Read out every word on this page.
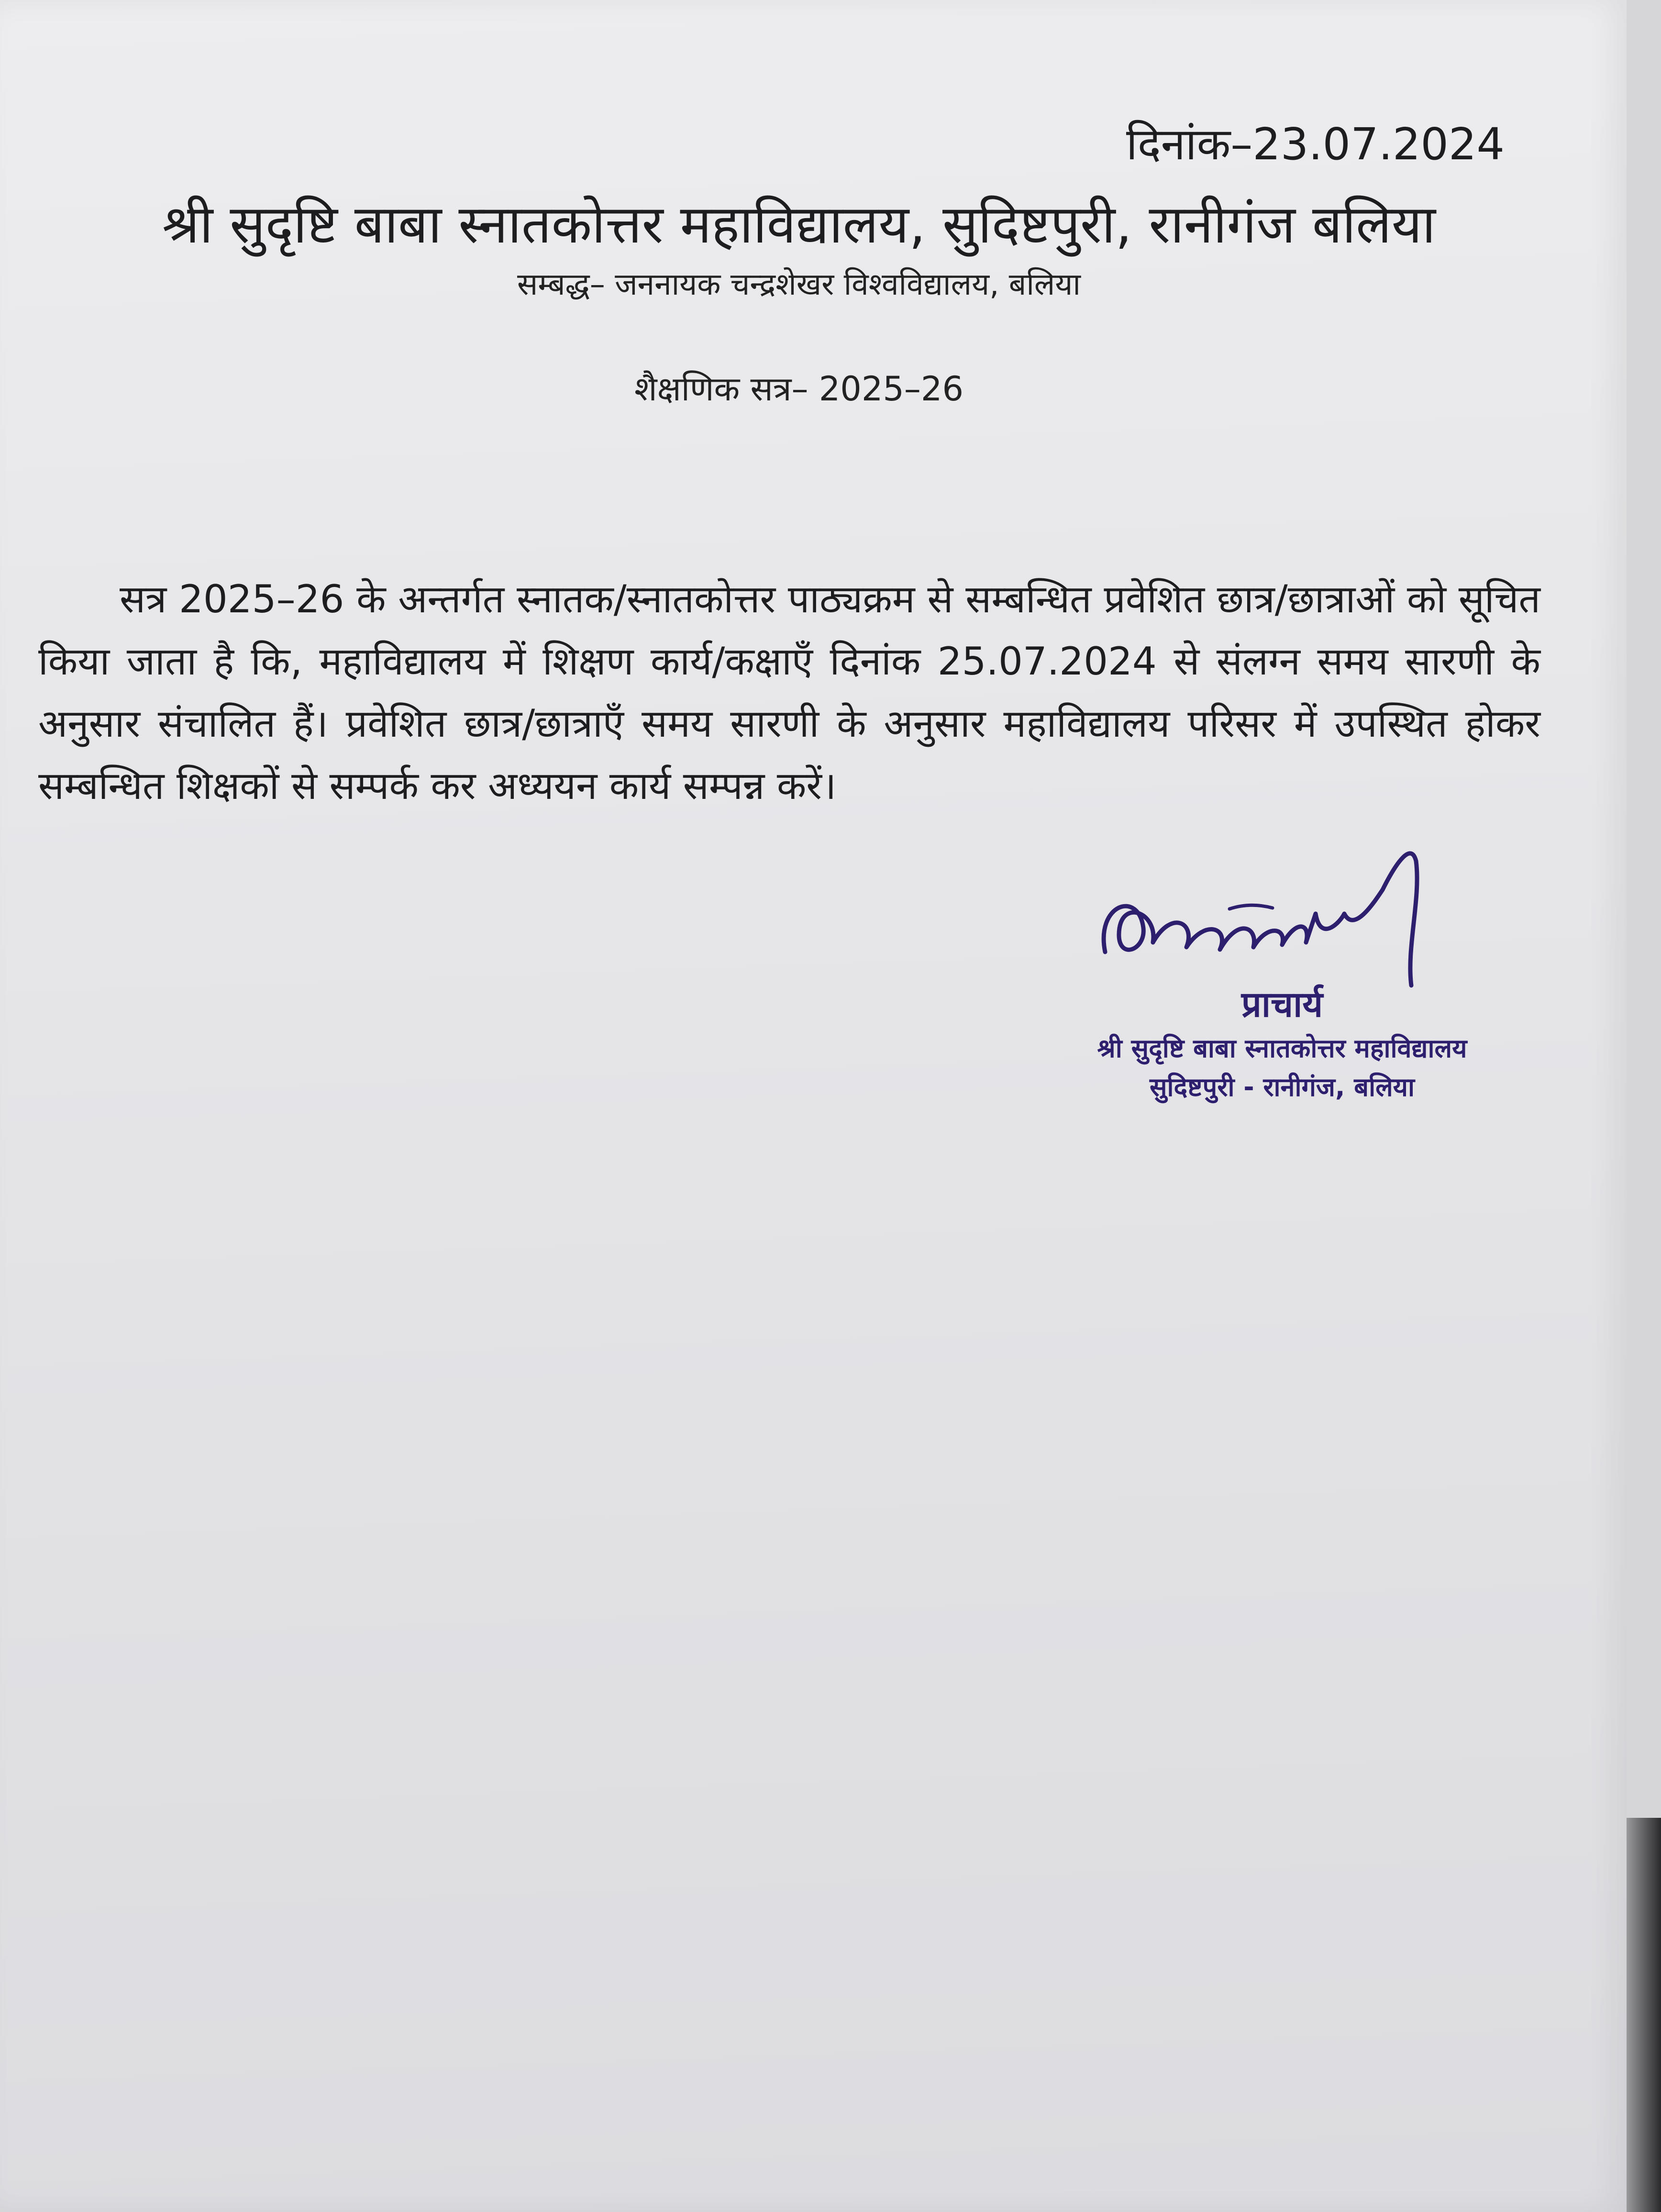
दिनांक–23.07.2024
श्री सुदृष्टि बाबा स्नातकोत्तर महाविद्यालय, सुदिष्टपुरी, रानीगंज बलिया
सम्बद्ध– जननायक चन्द्रशेखर विश्वविद्यालय, बलिया
शैक्षणिक सत्र– 2025–26

सत्र 2025–26 के अन्तर्गत स्नातक/स्नातकोत्तर पाठ्यक्रम से सम्बन्धित प्रवेशित छात्र/छात्राओं को सूचित किया जाता है कि, महाविद्यालय में शिक्षण कार्य/कक्षाएँ दिनांक 25.07.2024 से संलग्न समय सारणी के अनुसार संचालित हैं। प्रवेशित छात्र/छात्राएँ समय सारणी के अनुसार महाविद्यालय परिसर में उपस्थित होकर सम्बन्धित शिक्षकों से सम्पर्क कर अध्ययन कार्य सम्पन्न करें।

प्राचार्य
श्री सुदृष्टि बाबा स्नातकोत्तर महाविद्यालय
सुदिष्टपुरी - रानीगंज, बलिया
